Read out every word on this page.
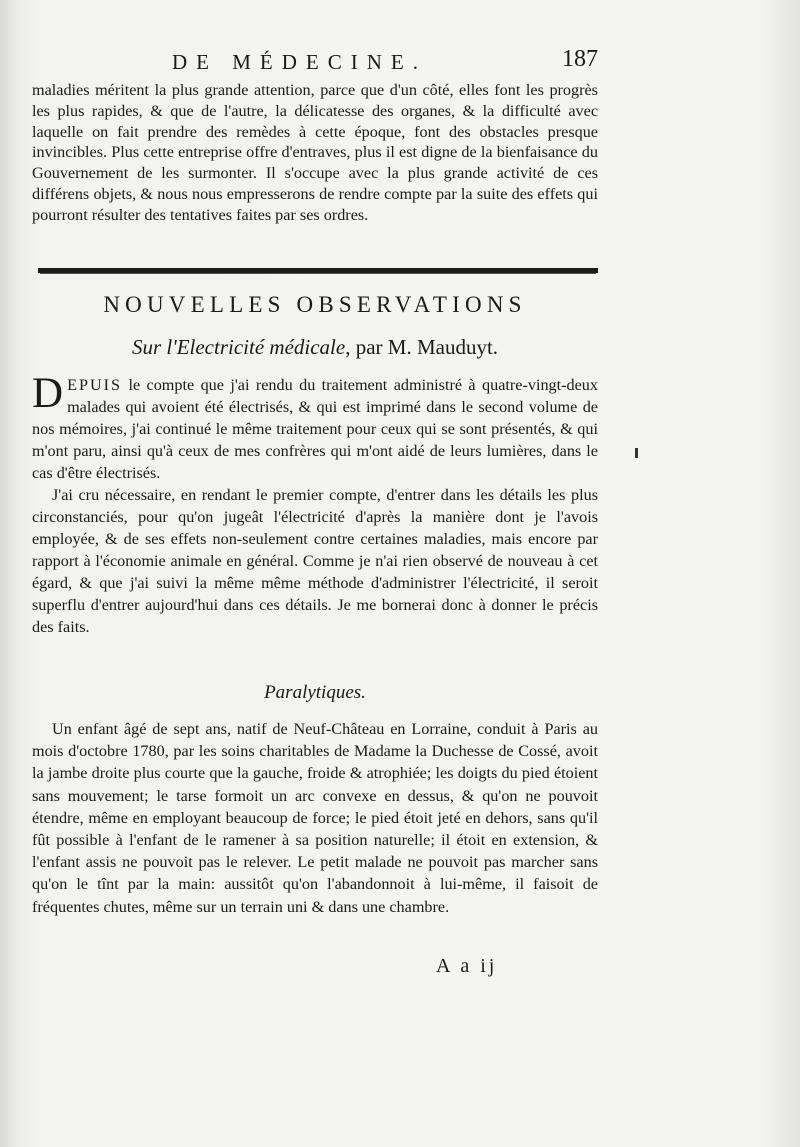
DE MÉDECINE.	187
maladies méritent la plus grande attention, parce que d'un côté, elles font les progrès les plus rapides, & que de l'autre, la délicatesse des organes, & la difficulté avec laquelle on fait prendre des remèdes à cette époque, font des obstacles presque invincibles. Plus cette entreprise offre d'entraves, plus il est digne de la bienfaisance du Gouvernement de les surmonter. Il s'occupe avec la plus grande activité de ces différens objets, & nous nous empresserons de rendre compte par la suite des effets qui pourront résulter des tentatives faites par ses ordres.
NOUVELLES OBSERVATIONS
Sur l'Electricité médicale, par M. Mauduyt.

DEPUIS le compte que j'ai rendu du traitement administré à quatre-vingt-deux malades qui avoient été électrisés, & qui est imprimé dans le second volume de nos mémoires, j'ai continué le même traitement pour ceux qui se sont présentés, & qui m'ont paru, ainsi qu'à ceux de mes confrères qui m'ont aidé de leurs lumières, dans le cas d'être électrisés.

J'ai cru nécessaire, en rendant le premier compte, d'entrer dans les détails les plus circonstanciés, pour qu'on jugeât l'électricité d'après la manière dont je l'avois employée, & de ses effets non-seulement contre certaines maladies, mais encore par rapport à l'économie animale en général. Comme je n'ai rien observé de nouveau à cet égard, & que j'ai suivi la même même méthode d'administrer l'électricité, il seroit superflu d'entrer aujourd'hui dans ces détails. Je me bornerai donc à donner le précis des faits.

Paralytiques.

Un enfant âgé de sept ans, natif de Neuf-Château en Lorraine, conduit à Paris au mois d'octobre 1780, par les soins charitables de Madame la Duchesse de Cossé, avoit la jambe droite plus courte que la gauche, froide & atrophiée; les doigts du pied étoient sans mouvement; le tarse formoit un arc convexe en dessus, & qu'on ne pouvoit étendre, même en employant beaucoup de force; le pied étoit jeté en dehors, sans qu'il fût possible à l'enfant de le ramener à sa position naturelle; il étoit en extension, & l'enfant assis ne pouvoit pas le relever. Le petit malade ne pouvoit pas marcher sans qu'on le tînt par la main: aussitôt qu'on l'abandonnoit à lui-même, il faisoit de fréquentes chutes, même sur un terrain uni & dans une chambre.

A a ij
